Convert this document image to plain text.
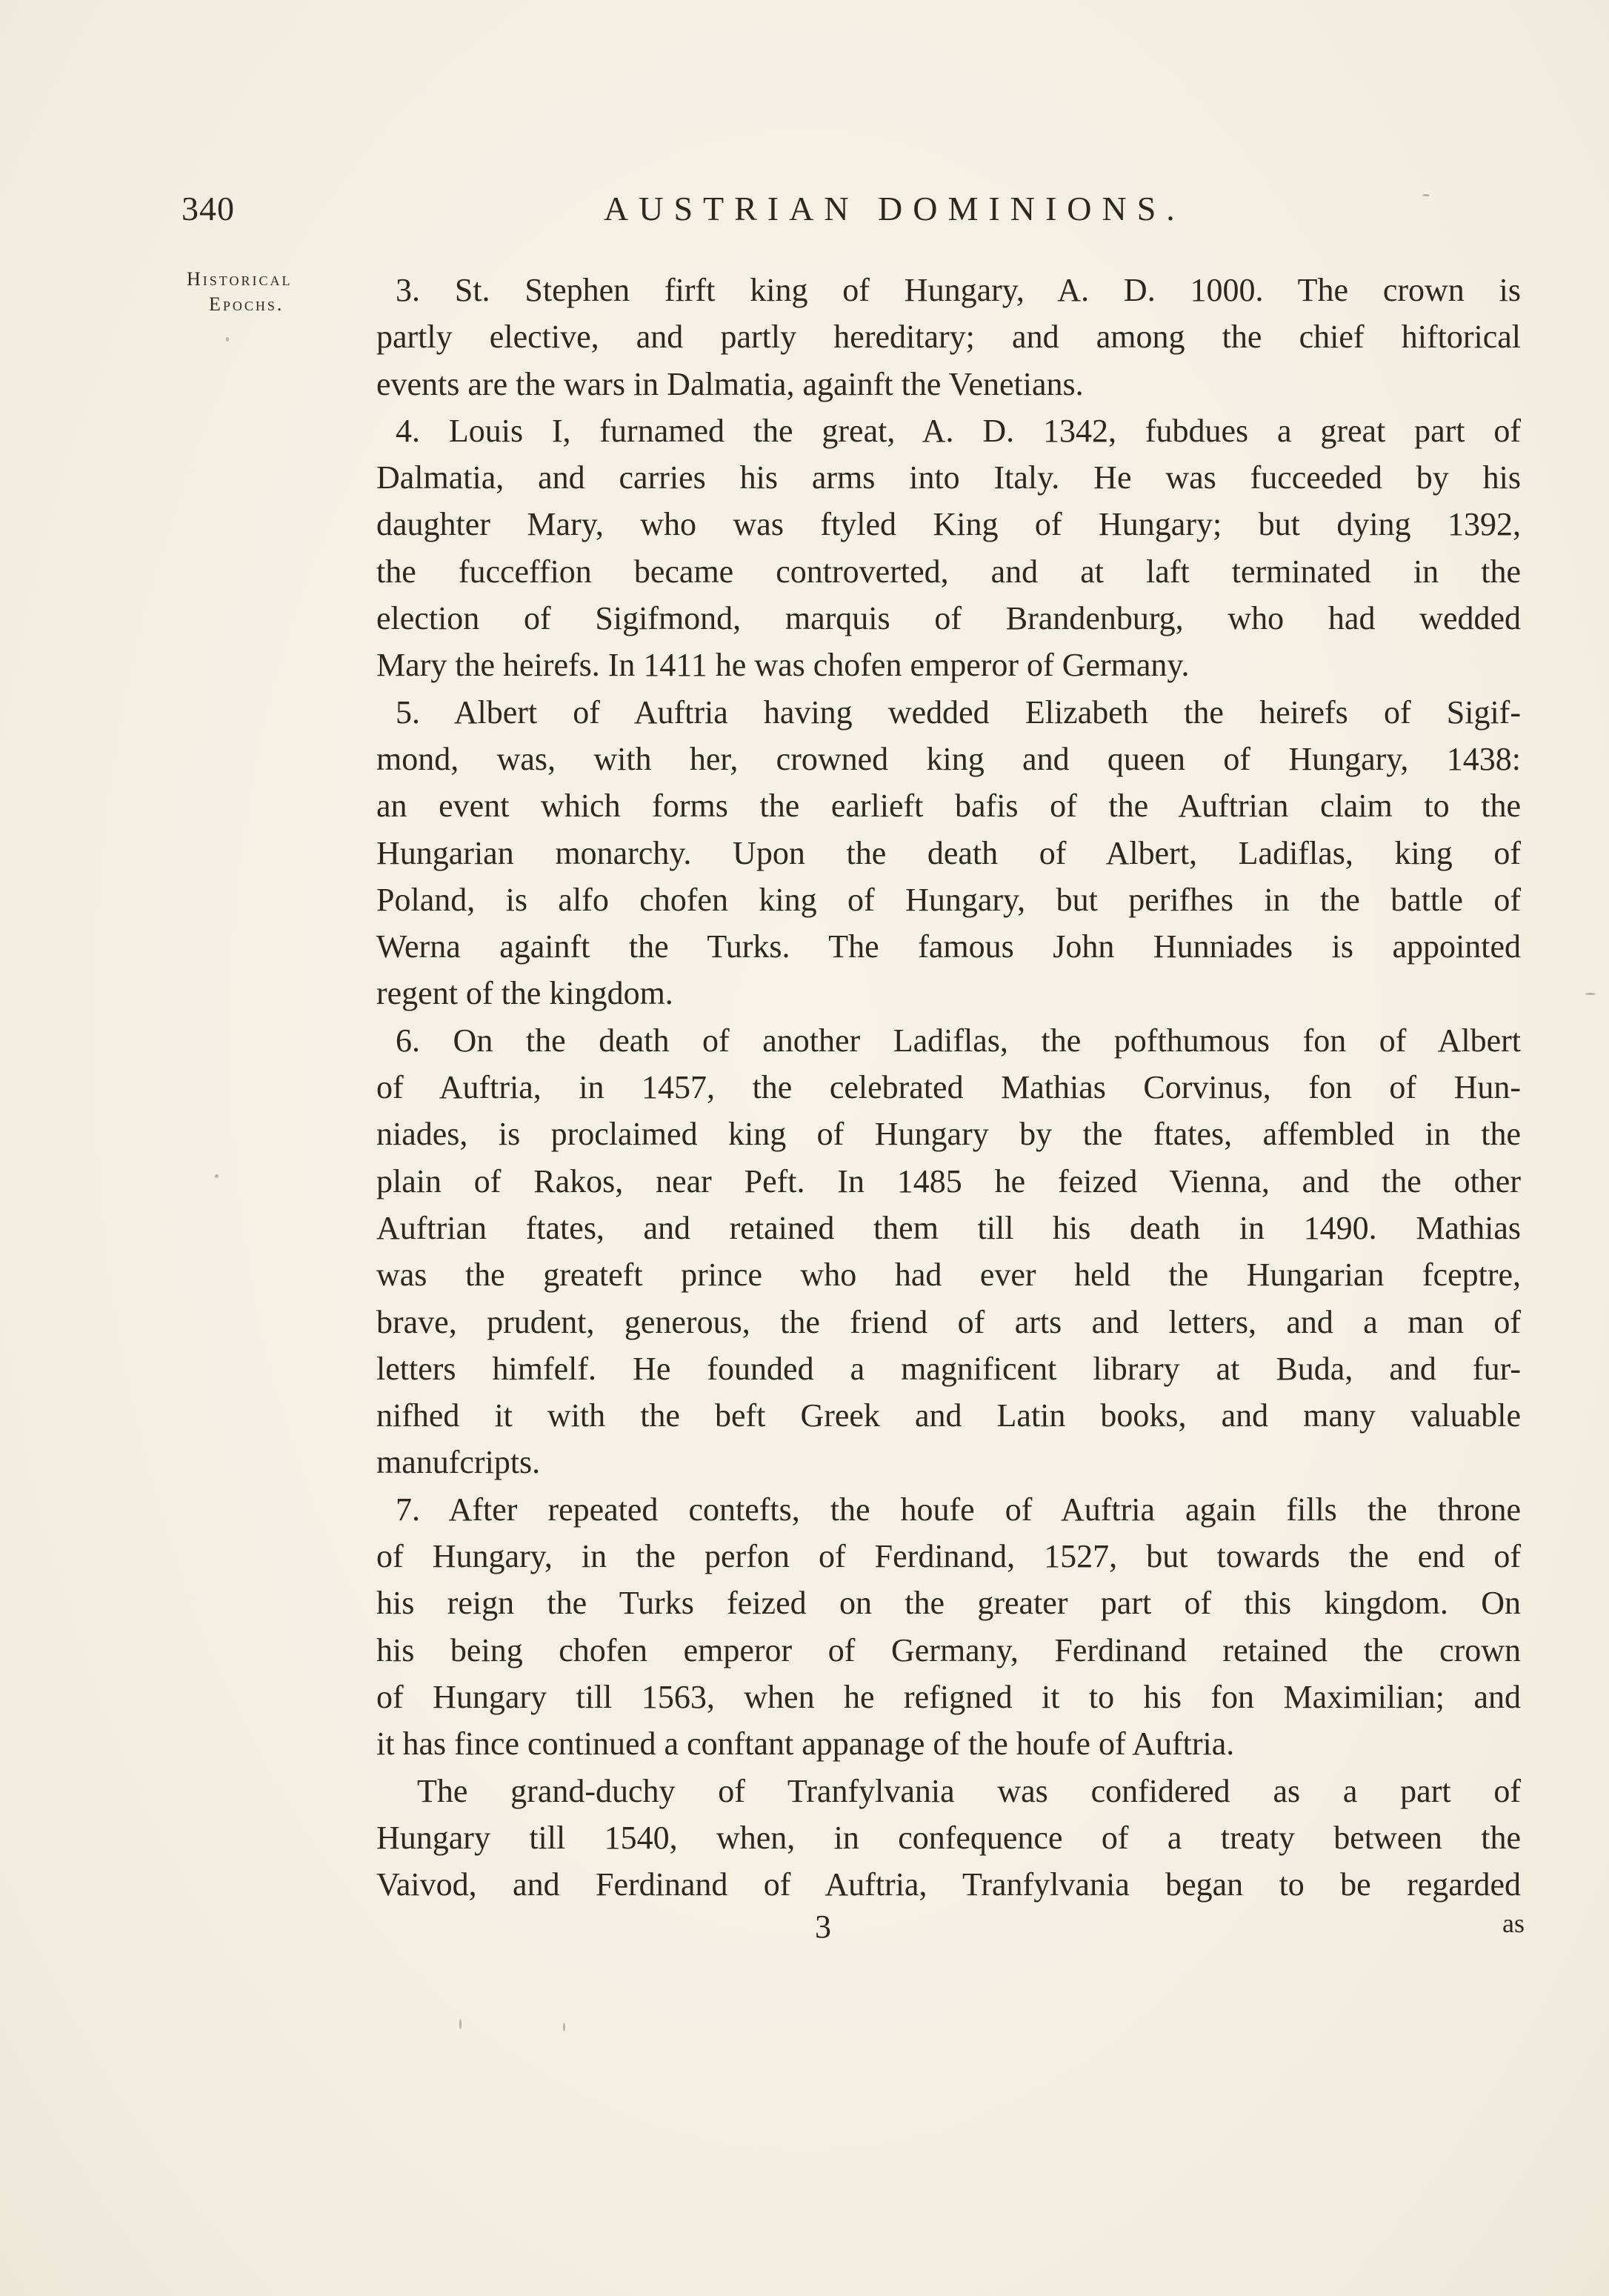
340	AUSTRIAN DOMINIONS.
Historical
Epochs.	3. St. Stephen firft king of Hungary, A. D. 1000. The crown is
partly elective, and partly hereditary; and among the chief hiftorical
events are the wars in Dalmatia, againft the Venetians.
4. Louis I, furnamed the great, A. D. 1342, fubdues a great part of
Dalmatia, and carries his arms into Italy. He was fucceeded by his
daughter Mary, who was ftyled King of Hungary; but dying 1392,
the fucceffion became controverted, and at laft terminated in the
election of Sigifmond, marquis of Brandenburg, who had wedded
Mary the heirefs. In 1411 he was chofen emperor of Germany.
5. Albert of Auftria having wedded Elizabeth the heirefs of Sigif-
mond, was, with her, crowned king and queen of Hungary, 1438:
an event which forms the earlieft bafis of the Auftrian claim to the
Hungarian monarchy. Upon the death of Albert, Ladiflas, king of
Poland, is alfo chofen king of Hungary, but perifhes in the battle of
Werna againft the Turks. The famous John Hunniades is appointed
regent of the kingdom.
6. On the death of another Ladiflas, the pofthumous fon of Albert
of Auftria, in 1457, the celebrated Mathias Corvinus, fon of Hun-
niades, is proclaimed king of Hungary by the ftates, affembled in the
plain of Rakos, near Peft. In 1485 he feized Vienna, and the other
Auftrian ftates, and retained them till his death in 1490. Mathias
was the greateft prince who had ever held the Hungarian fceptre,
brave, prudent, generous, the friend of arts and letters, and a man of
letters himfelf. He founded a magnificent library at Buda, and fur-
nifhed it with the beft Greek and Latin books, and many valuable
manufcripts.
7. After repeated contefts, the houfe of Auftria again fills the throne
of Hungary, in the perfon of Ferdinand, 1527, but towards the end of
his reign the Turks feized on the greater part of this kingdom. On
his being chofen emperor of Germany, Ferdinand retained the crown
of Hungary till 1563, when he refigned it to his fon Maximilian; and
it has fince continued a conftant appanage of the houfe of Auftria.
The grand-duchy of Tranfylvania was confidered as a part of
Hungary till 1540, when, in confequence of a treaty between the
Vaivod, and Ferdinand of Auftria, Tranfylvania began to be regarded
3	as
